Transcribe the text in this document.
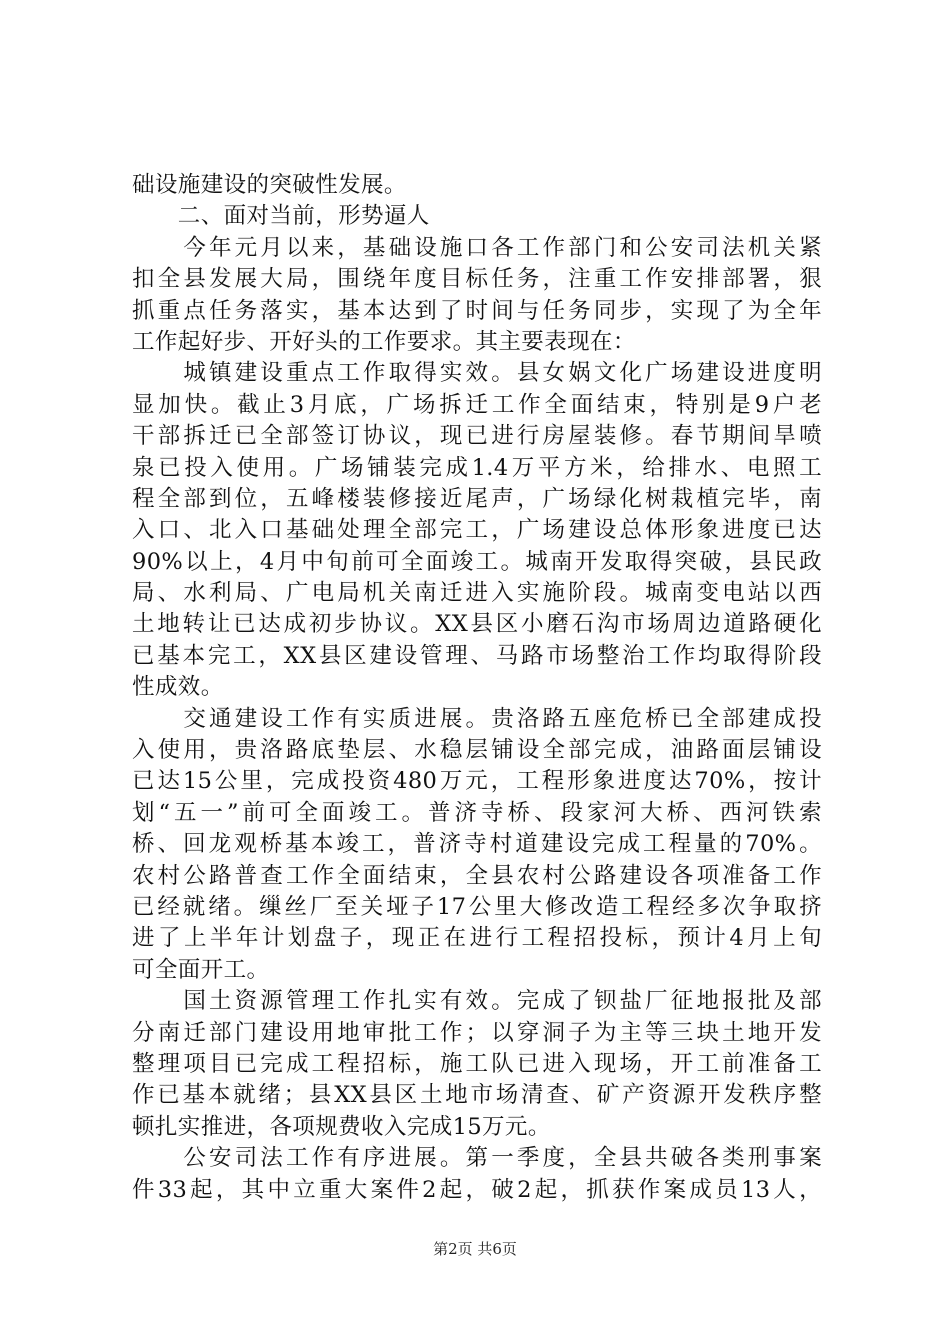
础设施建设的突破性发展。
　　二、面对当前，形势逼人
　　今年元月以来，基础设施口各工作部门和公安司法机关紧
扣全县发展大局，围绕年度目标任务，注重工作安排部署，狠
抓重点任务落实，基本达到了时间与任务同步，实现了为全年
工作起好步、开好头的工作要求。其主要表现在：
　　城镇建设重点工作取得实效。县女娲文化广场建设进度明
显加快。截止3月底，广场拆迁工作全面结束，特别是9户老
干部拆迁已全部签订协议，现已进行房屋装修。春节期间旱喷
泉已投入使用。广场铺装完成1.4万平方米，给排水、电照工
程全部到位，五峰楼装修接近尾声，广场绿化树栽植完毕，南
入口、北入口基础处理全部完工，广场建设总体形象进度已达
90%以上，4月中旬前可全面竣工。城南开发取得突破，县民政
局、水利局、广电局机关南迁进入实施阶段。城南变电站以西
土地转让已达成初步协议。XX县区小磨石沟市场周边道路硬化
已基本完工，XX县区建设管理、马路市场整治工作均取得阶段
性成效。
　　交通建设工作有实质进展。贵洛路五座危桥已全部建成投
入使用，贵洛路底垫层、水稳层铺设全部完成，油路面层铺设
已达15公里，完成投资480万元，工程形象进度达70%，按计
划“五一”前可全面竣工。普济寺桥、段家河大桥、西河铁索
桥、回龙观桥基本竣工，普济寺村道建设完成工程量的70%。
农村公路普查工作全面结束，全县农村公路建设各项准备工作
已经就绪。缫丝厂至关垭子17公里大修改造工程经多次争取挤
进了上半年计划盘子，现正在进行工程招投标，预计4月上旬
可全面开工。
　　国土资源管理工作扎实有效。完成了钡盐厂征地报批及部
分南迁部门建设用地审批工作；以穿洞子为主等三块土地开发
整理项目已完成工程招标，施工队已进入现场，开工前准备工
作已基本就绪；县XX县区土地市场清查、矿产资源开发秩序整
顿扎实推进，各项规费收入完成15万元。
　　公安司法工作有序进展。第一季度，全县共破各类刑事案
件33起，其中立重大案件2起，破2起，抓获作案成员13人，
第2页 共6页
